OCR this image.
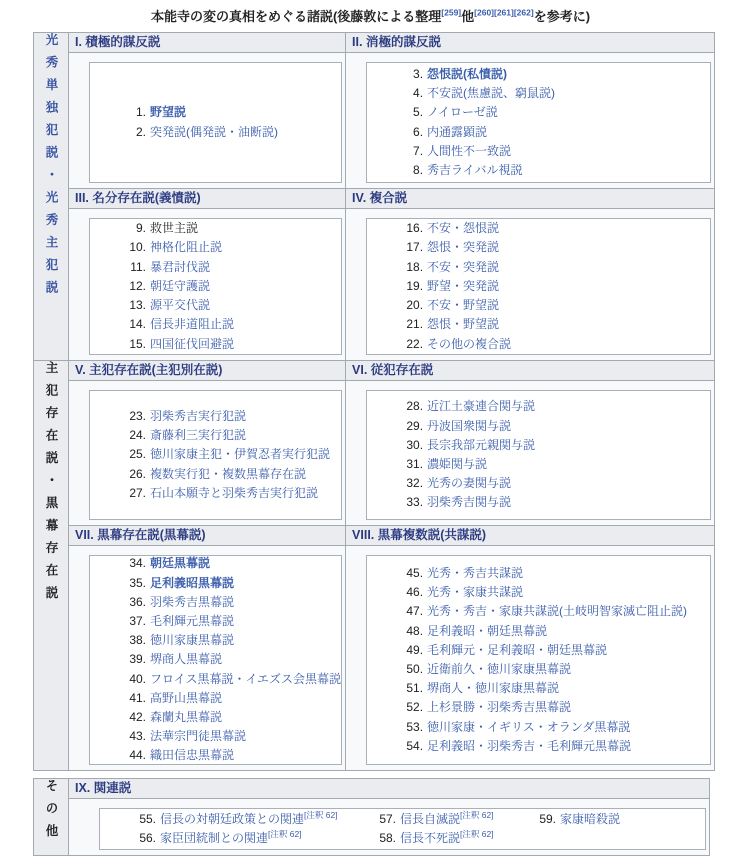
本能寺の変の真相をめぐる諸説(後藤敦による整理[259]他[260][261][262]を参考に)
光秀単独犯説・光秀主犯説	I. 積極的謀反説
1. 野望説
2. 突発説(偶発説・油断説)

II. 消極的謀反説
3. 怨恨説(私憤説)
4. 不安説(焦慮説、窮鼠説)
5. ノイローゼ説
6. 内通露顕説
7. 人間性不一致説
8. 秀吉ライバル視説

III. 名分存在説(義憤説)
9. 救世主説
10. 神格化阻止説
11. 暴君討伐説
12. 朝廷守護説
13. 源平交代説
14. 信長非道阻止説
15. 四国征伐回避説

IV. 複合説
16. 不安・怨恨説
17. 怨恨・突発説
18. 不安・突発説
19. 野望・突発説
20. 不安・野望説
21. 怨恨・野望説
22. その他の複合説

主犯存在説・黒幕存在説	V. 主犯存在説(主犯別在説)
23. 羽柴秀吉実行犯説
24. 斎藤利三実行犯説
25. 徳川家康主犯・伊賀忍者実行犯説
26. 複数実行犯・複数黒幕存在説
27. 石山本願寺と羽柴秀吉実行犯説

VI. 従犯存在説
28. 近江土豪連合関与説
29. 丹波国衆関与説
30. 長宗我部元親関与説
31. 濃姫関与説
32. 光秀の妻関与説
33. 羽柴秀吉関与説

VII. 黒幕存在説(黒幕説)
34. 朝廷黒幕説
35. 足利義昭黒幕説
36. 羽柴秀吉黒幕説
37. 毛利輝元黒幕説
38. 徳川家康黒幕説
39. 堺商人黒幕説
40. フロイス黒幕説・イエズス会黒幕説
41. 高野山黒幕説
42. 森蘭丸黒幕説
43. 法華宗門徒黒幕説
44. 織田信忠黒幕説

VIII. 黒幕複数説(共謀説)
45. 光秀・秀吉共謀説
46. 光秀・家康共謀説
47. 光秀・秀吉・家康共謀説(土岐明智家滅亡阻止説)
48. 足利義昭・朝廷黒幕説
49. 毛利輝元・足利義昭・朝廷黒幕説
50. 近衛前久・徳川家康黒幕説
51. 堺商人・徳川家康黒幕説
52. 上杉景勝・羽柴秀吉黒幕説
53. 徳川家康・イギリス・オランダ黒幕説
54. 足利義昭・羽柴秀吉・毛利輝元黒幕説
その他	IX. 関連説
55. 信長の対朝廷政策との関連[注釈 62]
56. 家臣団統制との関連[注釈 62]
57. 信長自滅説[注釈 62]
58. 信長不死説[注釈 62]
59. 家康暗殺説
